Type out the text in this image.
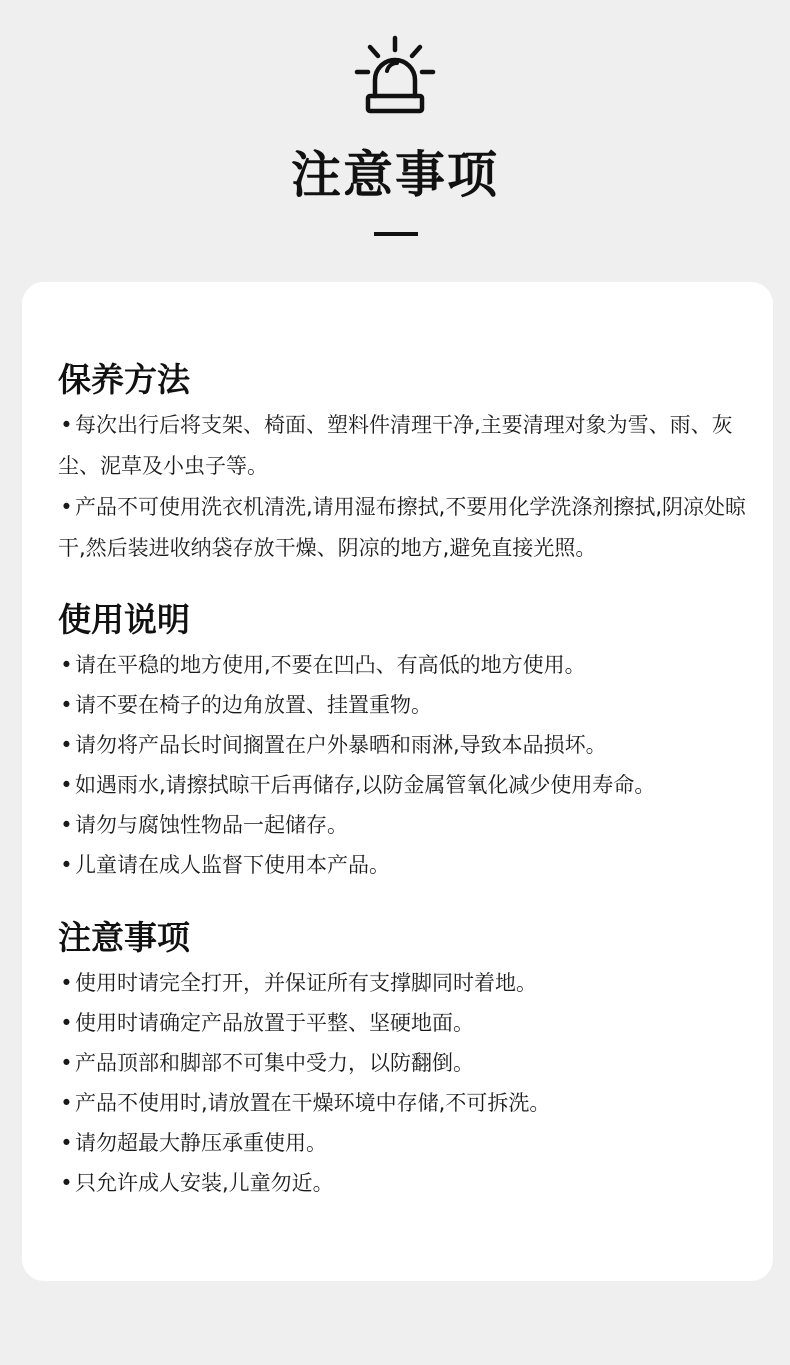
注意事项
保养方法
• 每次出行后将支架、椅面、塑料件清理干净,主要清理对象为雪、雨、灰尘、泥草及小虫子等。
• 产品不可使用洗衣机清洗,请用湿布擦拭,不要用化学洗涤剂擦拭,阴凉处晾干,然后装进收纳袋存放干燥、阴凉的地方,避免直接光照。
使用说明
• 请在平稳的地方使用,不要在凹凸、有高低的地方使用。
• 请不要在椅子的边角放置、挂置重物。
• 请勿将产品长时间搁置在户外暴晒和雨淋,导致本品损坏。
• 如遇雨水,请擦拭晾干后再储存,以防金属管氧化减少使用寿命。
• 请勿与腐蚀性物品一起储存。
• 儿童请在成人监督下使用本产品。
注意事项
• 使用时请完全打开，并保证所有支撑脚同时着地。
• 使用时请确定产品放置于平整、坚硬地面。
• 产品顶部和脚部不可集中受力，以防翻倒。
• 产品不使用时,请放置在干燥环境中存储,不可拆洗。
• 请勿超最大静压承重使用。
• 只允许成人安装,儿童勿近。
